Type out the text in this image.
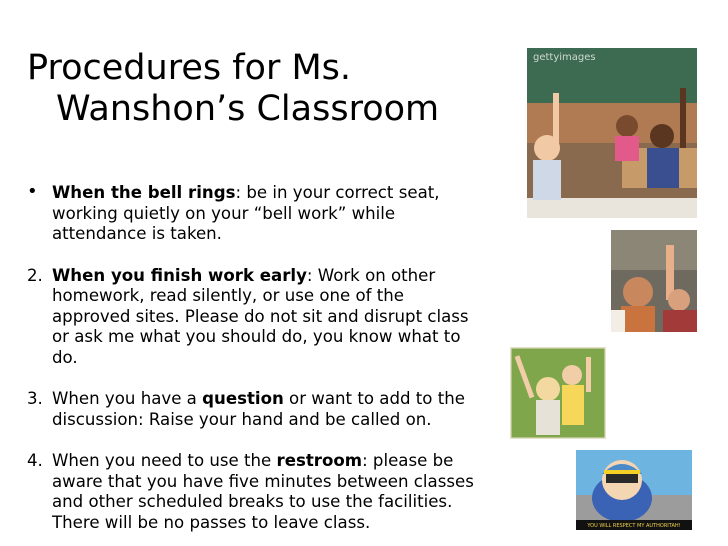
Procedures for Ms.
Wanshon’s Classroom
• When the bell rings: be in your correct seat, working quietly on your “bell work” while attendance is taken.
2. When you finish work early: Work on other homework, read silently, or use one of the approved sites. Please do not sit and disrupt class or ask me what you should do, you know what to do.
3. When you have a question or want to add to the discussion: Raise your hand and be called on.
4. When you need to use the restroom: please be aware that you have five minutes between classes and other scheduled breaks to use the facilities. There will be no passes to leave class.
gettyimages
YOU WILL RESPECT MY AUTHORITAH!
